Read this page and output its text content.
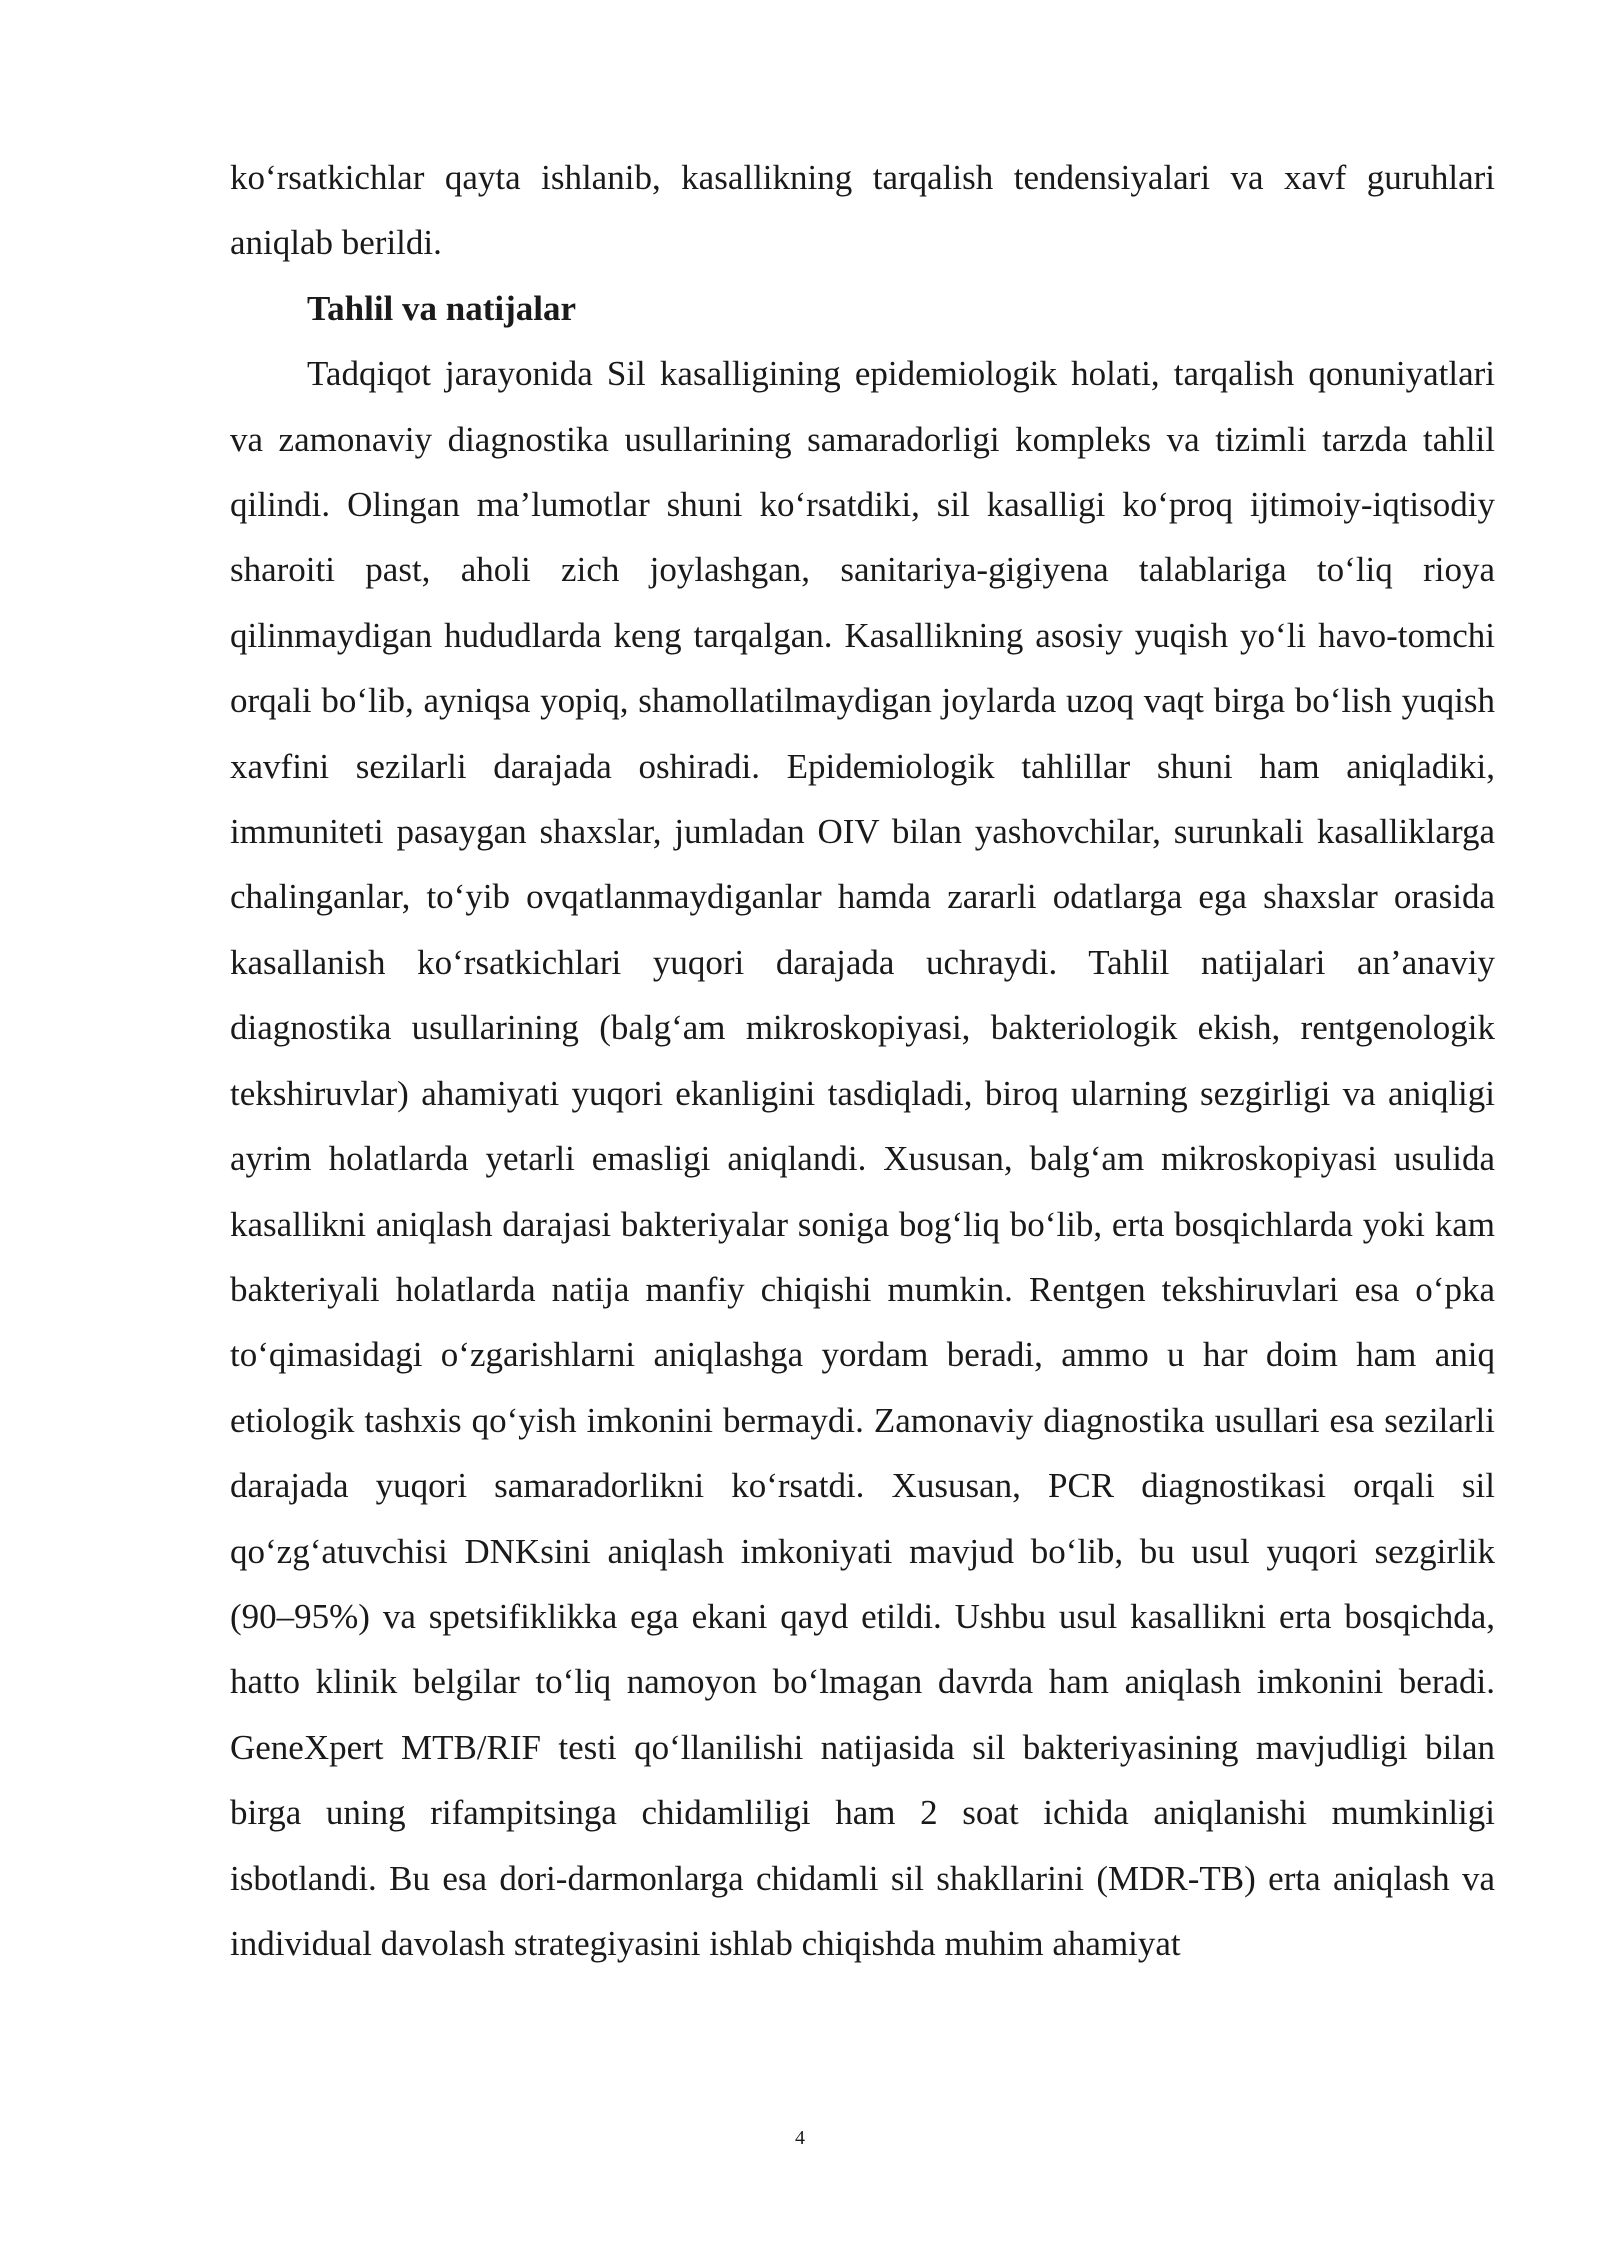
ko‘rsatkichlar qayta ishlanib, kasallikning tarqalish tendensiyalari va xavf guruhlari aniqlab berildi.

Tahlil va natijalar

Tadqiqot jarayonida Sil kasalligining epidemiologik holati, tarqalish qonuniyatlari va zamonaviy diagnostika usullarining samaradorligi kompleks va tizimli tarzda tahlil qilindi. Olingan ma’lumotlar shuni ko‘rsatdiki, sil kasalligi ko‘proq ijtimoiy-iqtisodiy sharoiti past, aholi zich joylashgan, sanitariya-gigiyena talablariga to‘liq rioya qilinmaydigan hududlarda keng tarqalgan. Kasallikning asosiy yuqish yo‘li havo-tomchi orqali bo‘lib, ayniqsa yopiq, shamollatilmaydigan joylarda uzoq vaqt birga bo‘lish yuqish xavfini sezilarli darajada oshiradi. Epidemiologik tahlillar shuni ham aniqladiki, immuniteti pasaygan shaxslar, jumladan OIV bilan yashovchilar, surunkali kasalliklarga chalinganlar, to‘yib ovqatlanmaydiganlar hamda zararli odatlarga ega shaxslar orasida kasallanish ko‘rsatkichlari yuqori darajada uchraydi. Tahlil natijalari an’anaviy diagnostika usullarining (balg‘am mikroskopiyasi, bakteriologik ekish, rentgenologik tekshiruvlar) ahamiyati yuqori ekanligini tasdiqladi, biroq ularning sezgirligi va aniqligi ayrim holatlarda yetarli emasligi aniqlandi. Xususan, balg‘am mikroskopiyasi usulida kasallikni aniqlash darajasi bakteriyalar soniga bog‘liq bo‘lib, erta bosqichlarda yoki kam bakteriyali holatlarda natija manfiy chiqishi mumkin. Rentgen tekshiruvlari esa o‘pka to‘qimasidagi o‘zgarishlarni aniqlashga yordam beradi, ammo u har doim ham aniq etiologik tashxis qo‘yish imkonini bermaydi. Zamonaviy diagnostika usullari esa sezilarli darajada yuqori samaradorlikni ko‘rsatdi. Xususan, PCR diagnostikasi orqali sil qo‘zg‘atuvchisi DNKsini aniqlash imkoniyati mavjud bo‘lib, bu usul yuqori sezgirlik (90–95%) va spetsifiklikka ega ekani qayd etildi. Ushbu usul kasallikni erta bosqichda, hatto klinik belgilar to‘liq namoyon bo‘lmagan davrda ham aniqlash imkonini beradi. GeneXpert MTB/RIF testi qo‘llanilishi natijasida sil bakteriyasining mavjudligi bilan birga uning rifampitsinga chidamliligi ham 2 soat ichida aniqlanishi mumkinligi isbotlandi. Bu esa dori-darmonlarga chidamli sil shakllarini (MDR-TB) erta aniqlash va individual davolash strategiyasini ishlab chiqishda muhim ahamiyat

4
